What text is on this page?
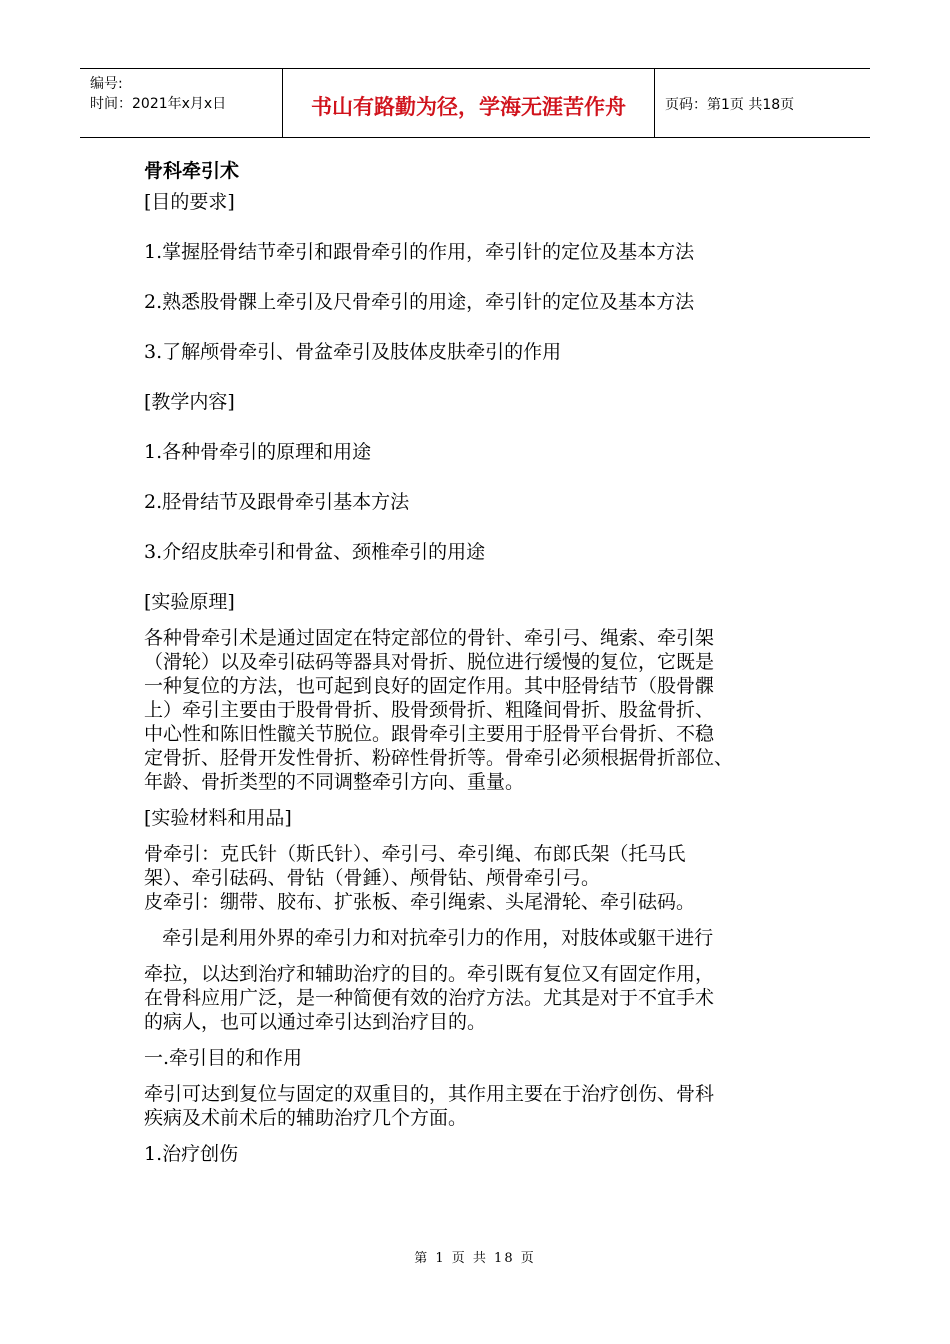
编号:
时间：2021年x月x日	书山有路勤为径，学海无涯苦作舟	页码：第1页 共18页

骨科牵引术

[目的要求]

1.掌握胫骨结节牵引和跟骨牵引的作用，牵引针的定位及基本方法

2.熟悉股骨髁上牵引及尺骨牵引的用途，牵引针的定位及基本方法

3.了解颅骨牵引、骨盆牵引及肢体皮肤牵引的作用

[教学内容]

1.各种骨牵引的原理和用途

2.胫骨结节及跟骨牵引基本方法

3.介绍皮肤牵引和骨盆、颈椎牵引的用途

[实验原理]

各种骨牵引术是通过固定在特定部位的骨针、牵引弓、绳索、牵引架

（滑轮）以及牵引砝码等器具对骨折、脱位进行缓慢的复位，它既是

一种复位的方法，也可起到良好的固定作用。其中胫骨结节（股骨髁

上）牵引主要由于股骨骨折、股骨颈骨折、粗隆间骨折、股盆骨折、

中心性和陈旧性髋关节脱位。跟骨牵引主要用于胫骨平台骨折、不稳

定骨折、胫骨开发性骨折、粉碎性骨折等。骨牵引必须根据骨折部位、

年龄、骨折类型的不同调整牵引方向、重量。

[实验材料和用品]

骨牵引：克氏针（斯氏针）、牵引弓、牵引绳、布郎氏架（托马氏

架）、牵引砝码、骨钻（骨錘）、颅骨钻、颅骨牵引弓。

皮牵引：绷带、胶布、扩张板、牵引绳索、头尾滑轮、牵引砝码。

牵引是利用外界的牵引力和对抗牵引力的作用，对肢体或躯干进行

牵拉，以达到治疗和辅助治疗的目的。牵引既有复位又有固定作用，

在骨科应用广泛，是一种简便有效的治疗方法。尤其是对于不宜手术

的病人，也可以通过牵引达到治疗目的。

一.牵引目的和作用

牵引可达到复位与固定的双重目的，其作用主要在于治疗创伤、骨科

疾病及术前术后的辅助治疗几个方面。

1.治疗创伤

第 1 页 共 18 页
